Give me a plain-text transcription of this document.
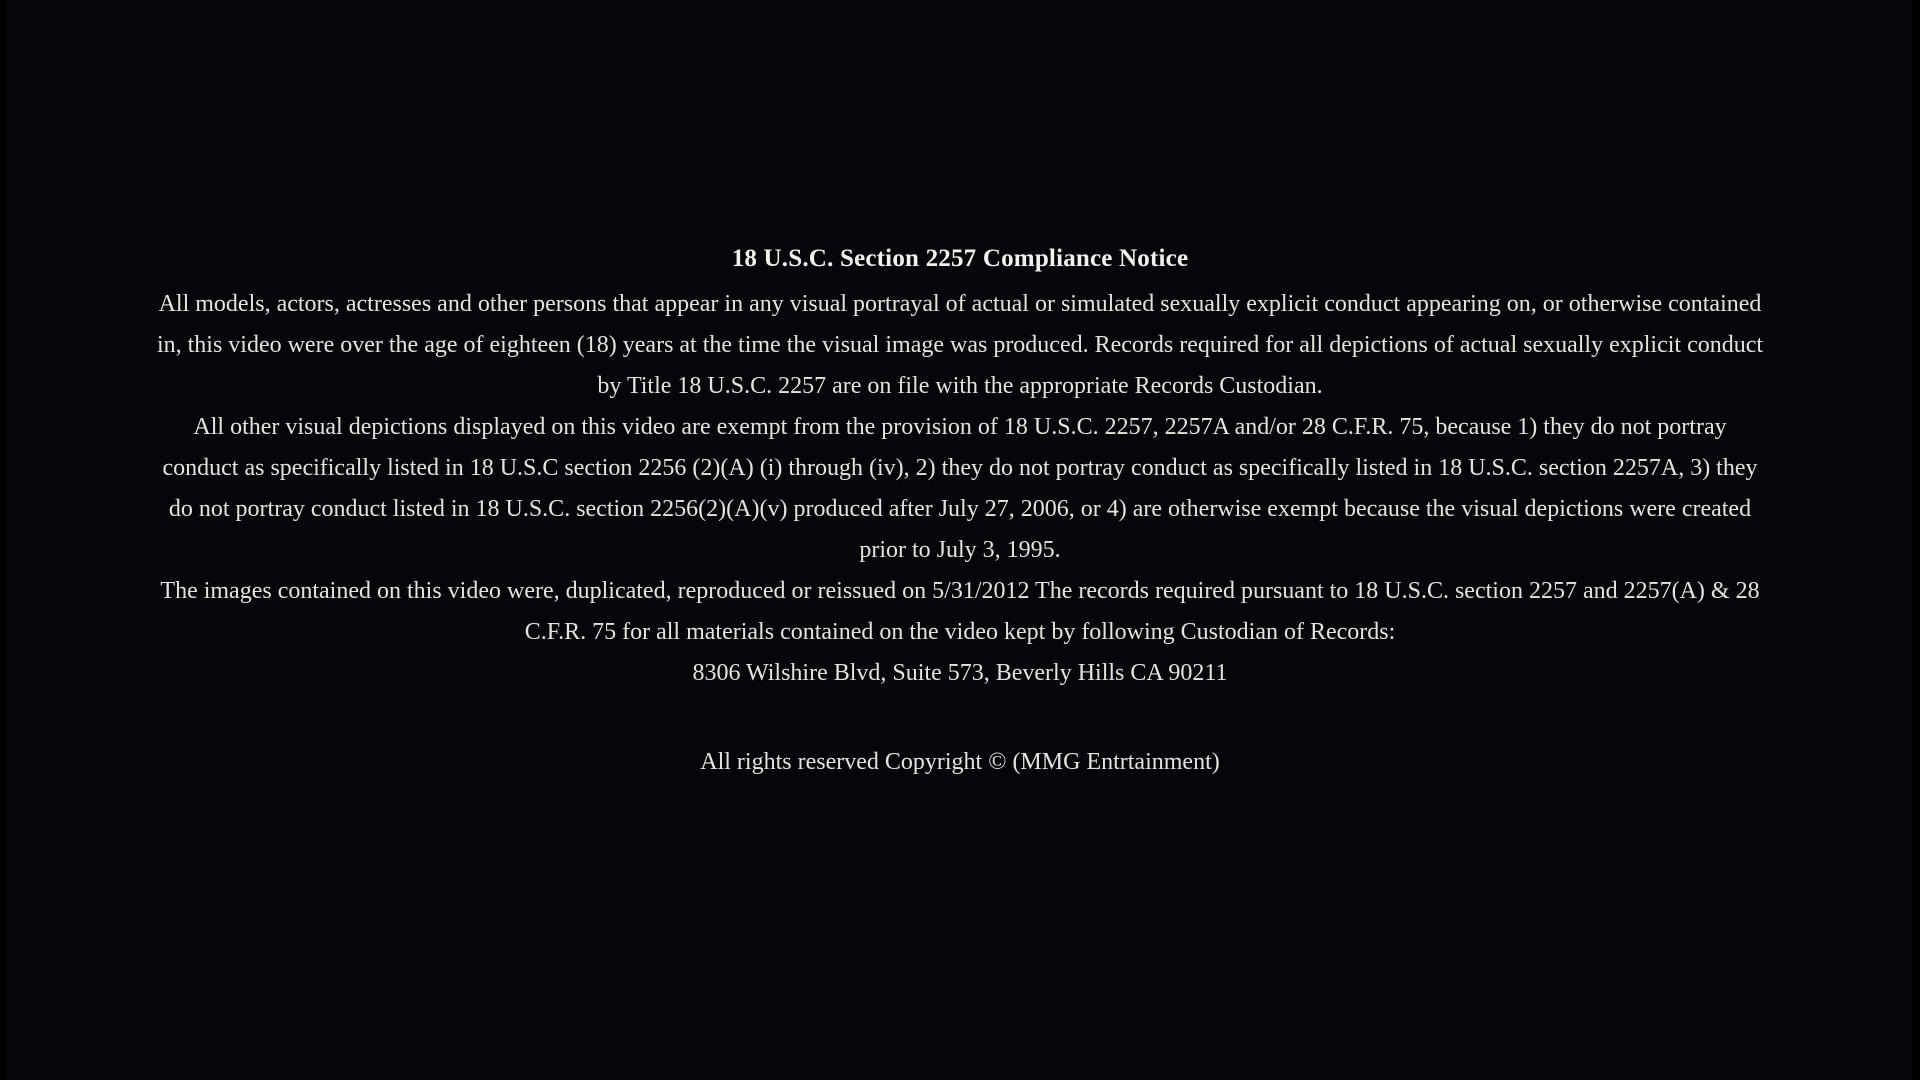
18 U.S.C. Section 2257 Compliance Notice

All models, actors, actresses and other persons that appear in any visual portrayal of actual or simulated sexually explicit conduct appearing on, or otherwise contained in, this video were over the age of eighteen (18) years at the time the visual image was produced. Records required for all depictions of actual sexually explicit conduct by Title 18 U.S.C. 2257 are on file with the appropriate Records Custodian.

All other visual depictions displayed on this video are exempt from the provision of 18 U.S.C. 2257, 2257A and/or 28 C.F.R. 75, because 1) they do not portray conduct as specifically listed in 18 U.S.C section 2256 (2)(A) (i) through (iv), 2) they do not portray conduct as specifically listed in 18 U.S.C. section 2257A, 3) they do not portray conduct listed in 18 U.S.C. section 2256(2)(A)(v) produced after July 27, 2006, or 4) are otherwise exempt because the visual depictions were created prior to July 3, 1995.

The images contained on this video were, duplicated, reproduced or reissued on 5/31/2012 The records required pursuant to 18 U.S.C. section 2257 and 2257(A) & 28 C.F.R. 75 for all materials contained on the video kept by following Custodian of Records:

8306 Wilshire Blvd, Suite 573, Beverly Hills CA 90211

All rights reserved Copyright © (MMG Entrtainment)
